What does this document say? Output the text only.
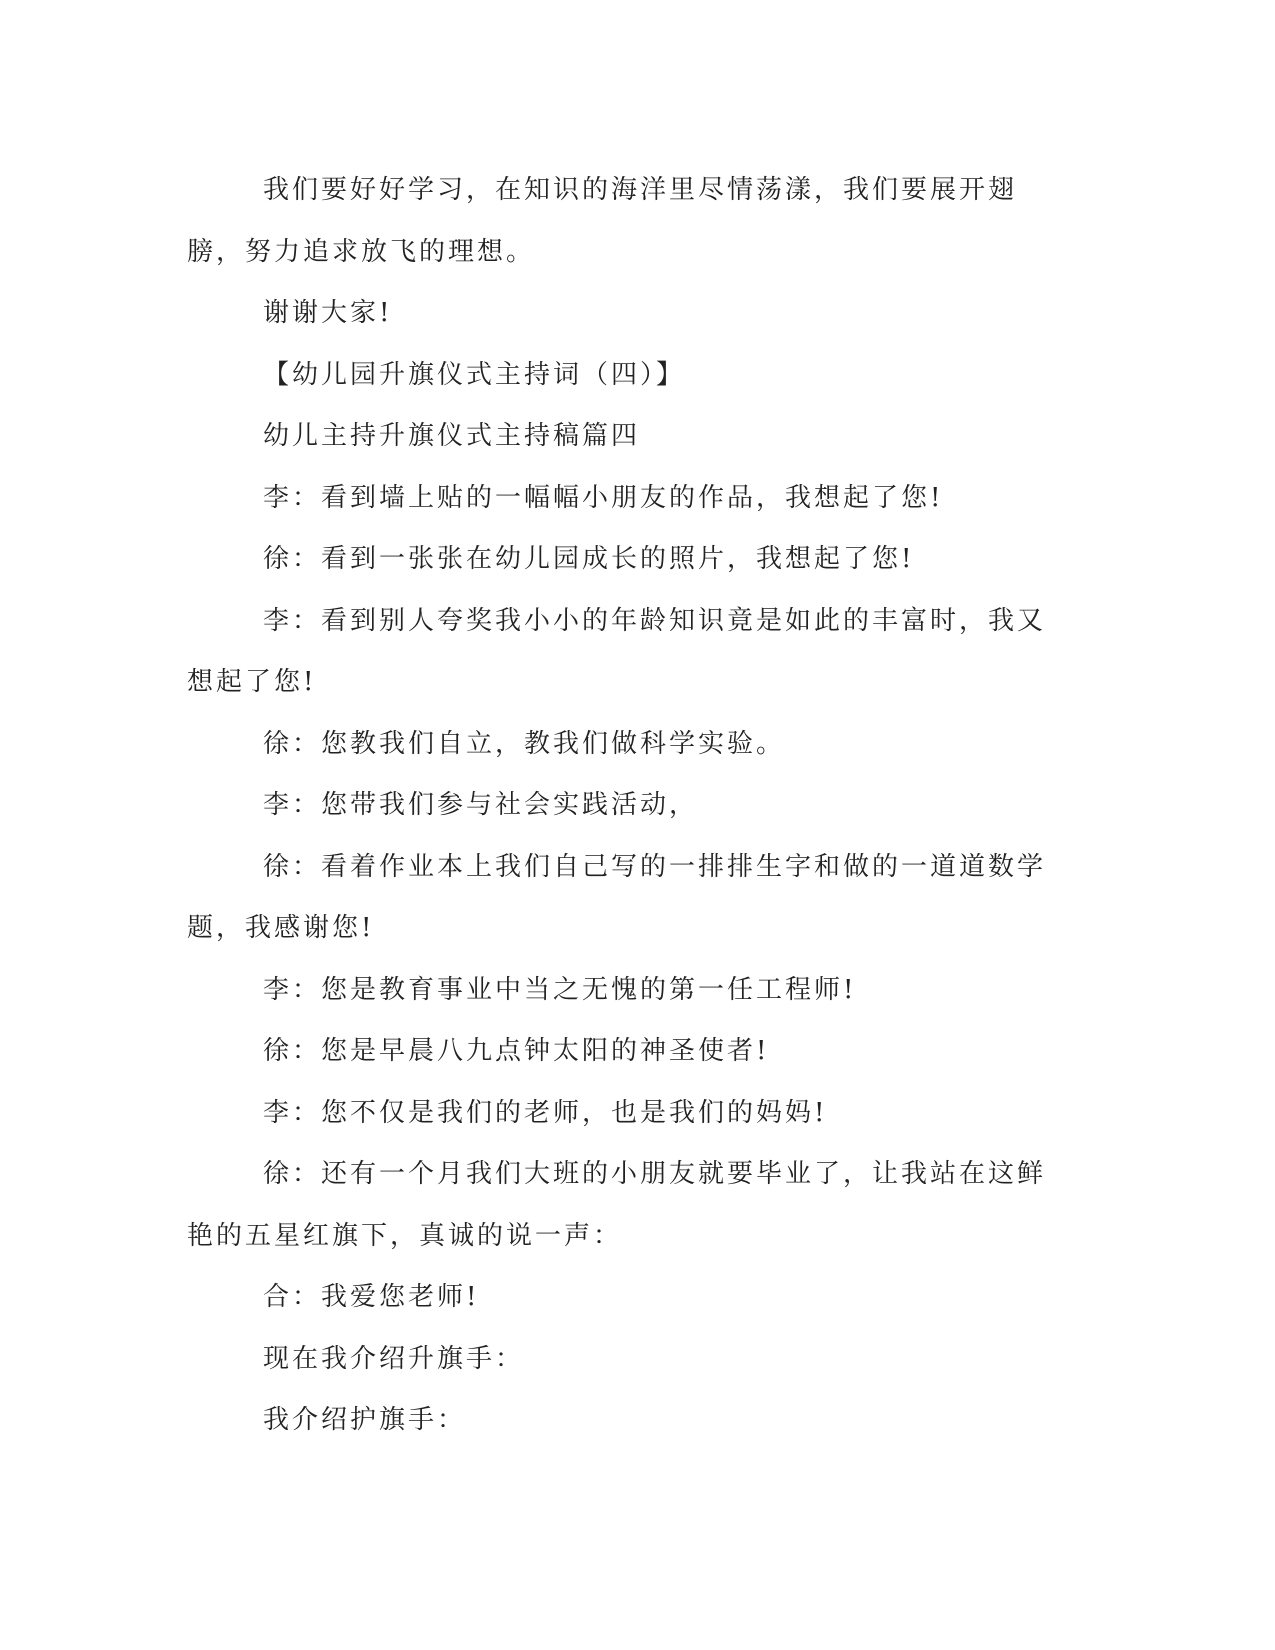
我们要好好学习，在知识的海洋里尽情荡漾，我们要展开翅膀，努力追求放飞的理想。

谢谢大家!

【幼儿园升旗仪式主持词（四）】

幼儿主持升旗仪式主持稿篇四

李：看到墙上贴的一幅幅小朋友的作品，我想起了您!

徐：看到一张张在幼儿园成长的照片，我想起了您!

李：看到别人夸奖我小小的年龄知识竟是如此的丰富时，我又想起了您!

徐：您教我们自立，教我们做科学实验。

李：您带我们参与社会实践活动，

徐：看着作业本上我们自己写的一排排生字和做的一道道数学题，我感谢您!

李：您是教育事业中当之无愧的第一任工程师!

徐：您是早晨八九点钟太阳的神圣使者!

李：您不仅是我们的老师，也是我们的妈妈!

徐：还有一个月我们大班的小朋友就要毕业了，让我站在这鲜艳的五星红旗下，真诚的说一声：

合：我爱您老师!

现在我介绍升旗手：

我介绍护旗手：
